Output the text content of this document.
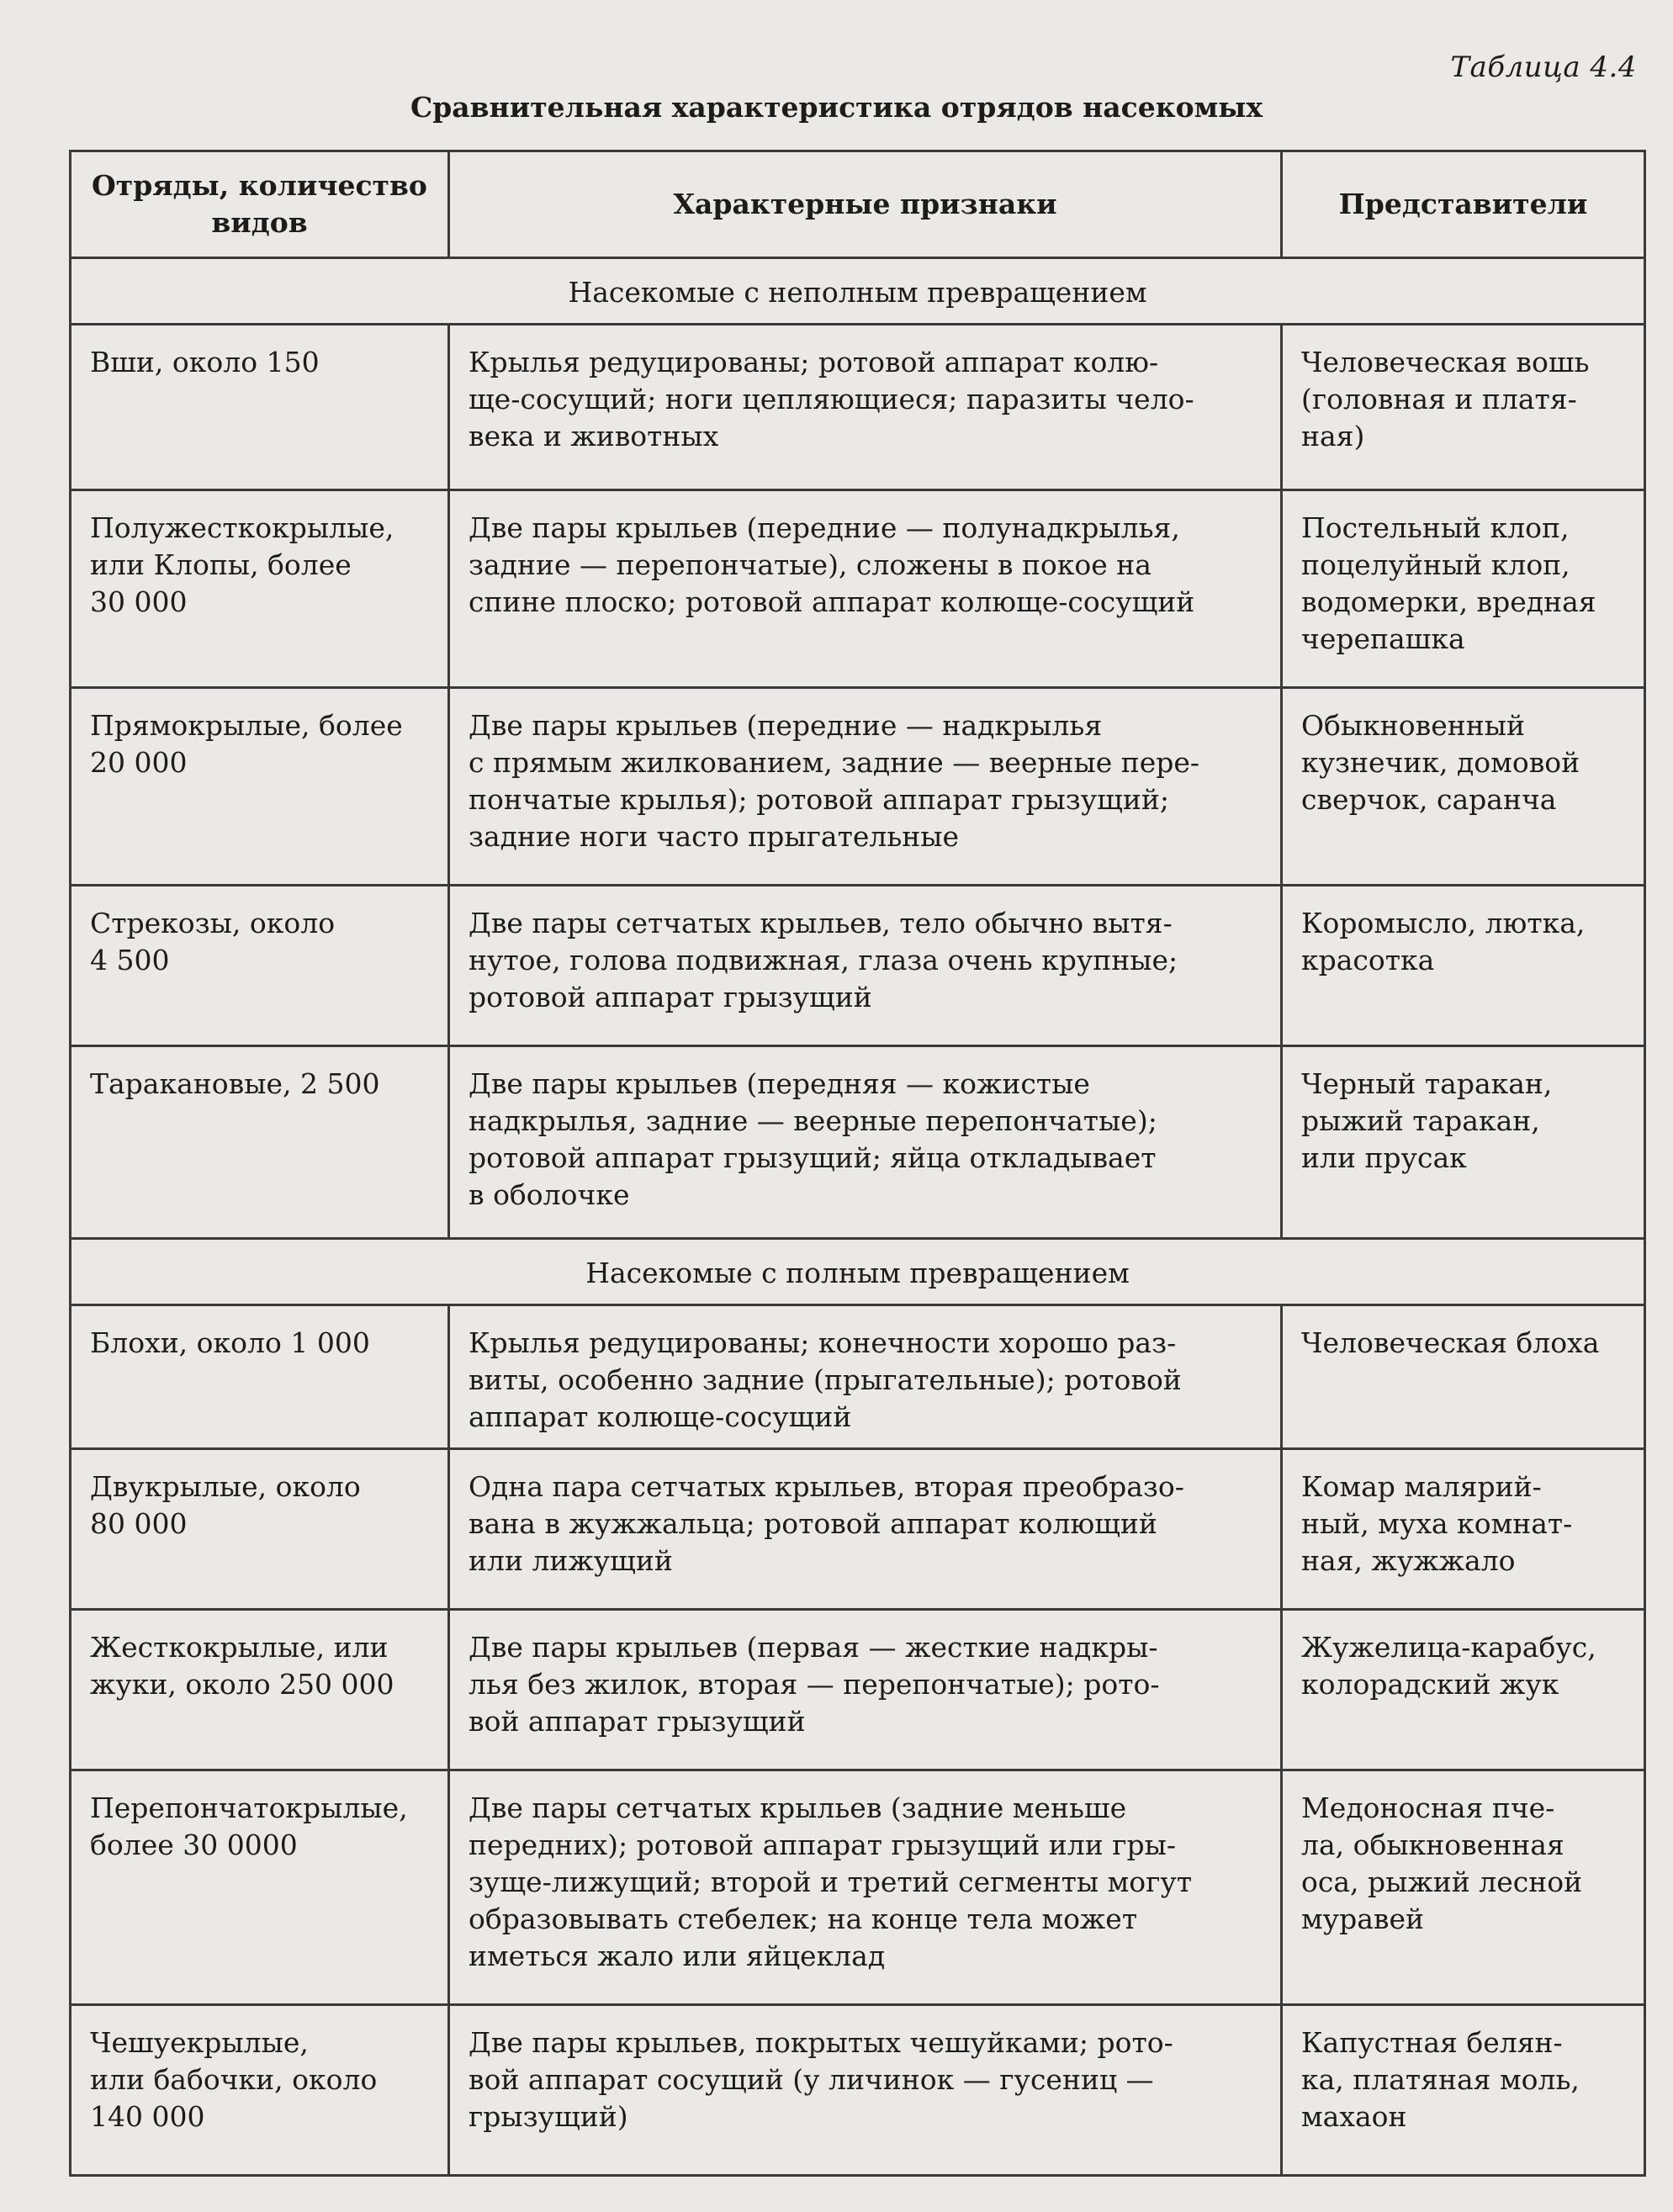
Таблица 4.4
Сравнительная характеристика отрядов насекомых
Отряды, количество
видов	Характерные признаки	Представители

Насекомые с неполным превращением		

Вши, около 150	Крылья редуцированы; ротовой аппарат колю-
ще-сосущий; ноги цепляющиеся; паразиты чело-
века и животных	Человеческая вошь
(головная и платя-
ная)

Полужесткокрылые,
или Клопы, более
30 000	Две пары крыльев (передние — полунадкрылья,
задние — перепончатые), сложены в покое на
спине плоско; ротовой аппарат колюще-сосущий	Постельный клоп,
поцелуйный клоп,
водомерки, вредная
черепашка

Прямокрылые, более
20 000	Две пары крыльев (передние — надкрылья
с прямым жилкованием, задние — веерные пере-
пончатые крылья); ротовой аппарат грызущий;
задние ноги часто прыгательные	Обыкновенный
кузнечик, домовой
сверчок, саранча

Стрекозы, около
4 500	Две пары сетчатых крыльев, тело обычно вытя-
нутое, голова подвижная, глаза очень крупные;
ротовой аппарат грызущий	Коромысло, лютка,
красотка

Таракановые, 2 500	Две пары крыльев (передняя — кожистые
надкрылья, задние — веерные перепончатые);
ротовой аппарат грызущий; яйца откладывает
в оболочке	Черный таракан,
рыжий таракан,
или прусак

Насекомые с полным превращением		

Блохи, около 1 000	Крылья редуцированы; конечности хорошо раз-
виты, особенно задние (прыгательные); ротовой
аппарат колюще-сосущий	Человеческая блоха

Двукрылые, около
80 000	Одна пара сетчатых крыльев, вторая преобразо-
вана в жужжальца; ротовой аппарат колющий
или лижущий	Комар малярий-
ный, муха комнат-
ная, жужжало

Жесткокрылые, или
жуки, около 250 000	Две пары крыльев (первая — жесткие надкры-
лья без жилок, вторая — перепончатые); рото-
вой аппарат грызущий	Жужелица-карабус,
колорадский жук

Перепончатокрылые,
более 30 0000	Две пары сетчатых крыльев (задние меньше
передних); ротовой аппарат грызущий или гры-
зуще-лижущий; второй и третий сегменты могут
образовывать стебелек; на конце тела может
иметься жало или яйцеклад	Медоносная пче-
ла, обыкновенная
оса, рыжий лесной
муравей

Чешуекрылые,
или бабочки, около
140 000	Две пары крыльев, покрытых чешуйками; рото-
вой аппарат сосущий (у личинок — гусениц —
грызущий)	Капустная белян-
ка, платяная моль,
махаон
